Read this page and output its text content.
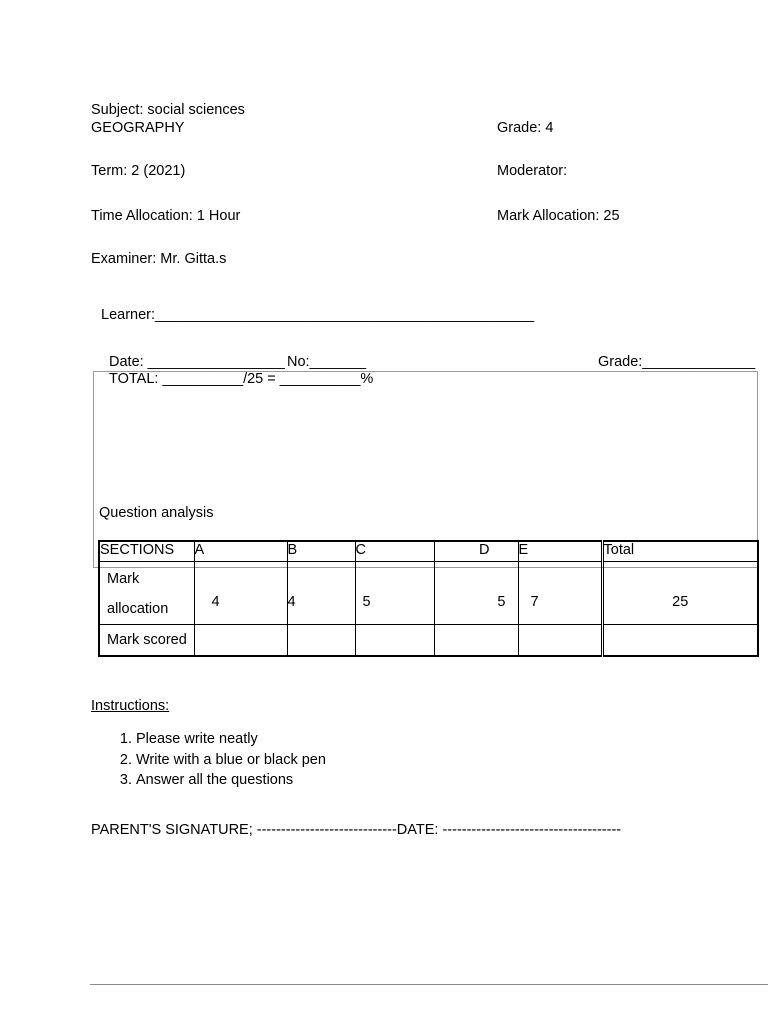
Subject: social sciences
GEOGRAPHY	Grade: 4
Term: 2 (2021)	Moderator:
Time Allocation: 1 Hour	Mark Allocation: 25
Examiner: Mr. Gitta.s
Learner:_______________________________________________
Date: _________________ No:_______	Grade:______________
TOTAL: __________/25 = __________%
Question analysis
SECTIONS	A	B	C	D	E	Total

Mark
allocation	4	4	5	5	7	25

Mark scored						

Instructions:
1. Please write neatly
2. Write with a blue or black pen
3. Answer all the questions
PARENT'S SIGNATURE; -----------------------------DATE: -------------------------------------
